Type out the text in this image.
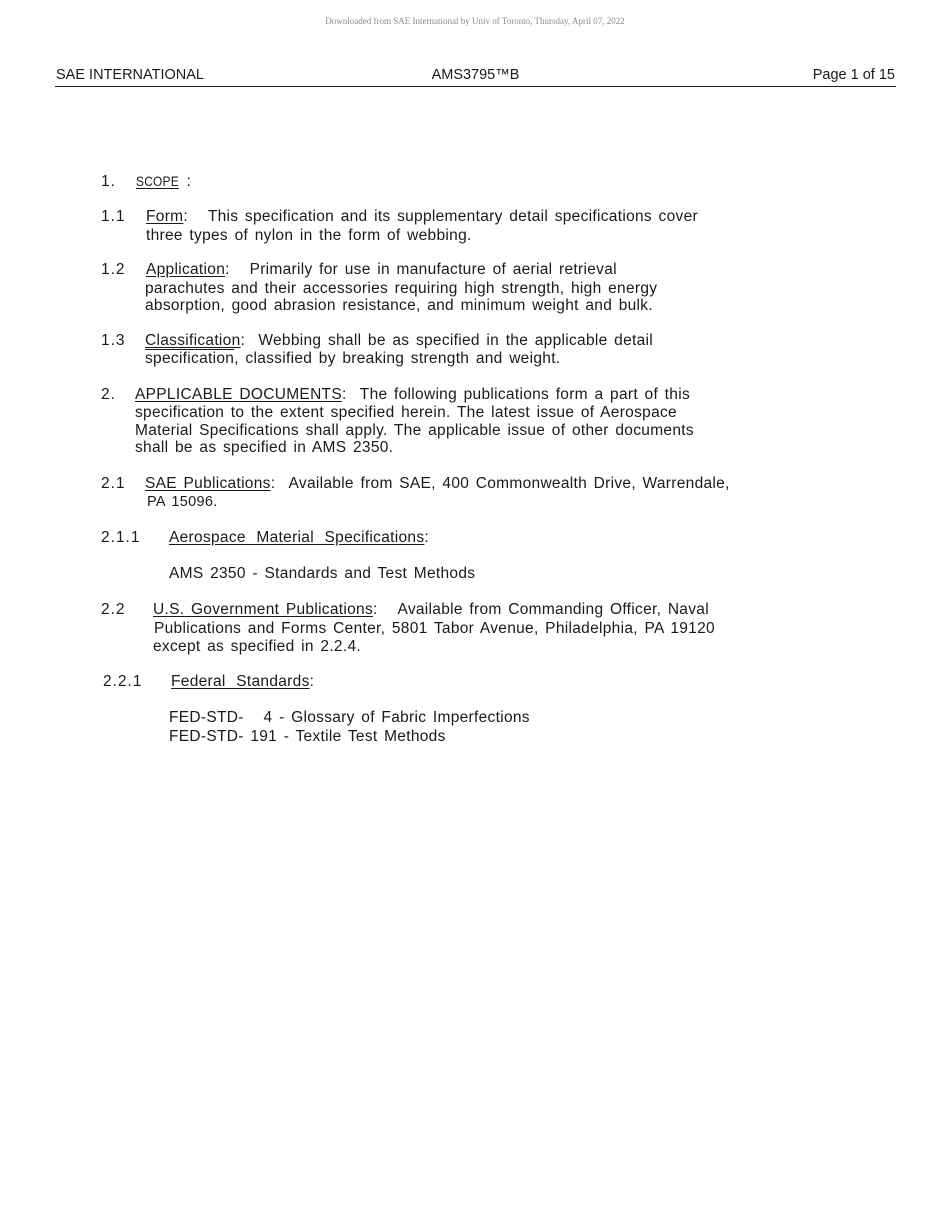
Downloaded from SAE International by Univ of Toronto, Thursday, April 07, 2022
SAE INTERNATIONAL	AMS3795™B	Page 1 of 15
1. SCOPE :
1.1 Form: This specification and its supplementary detail specifications cover
three types of nylon in the form of webbing.
1.2 Application: Primarily for use in manufacture of aerial retrieval
parachutes and their accessories requiring high strength, high energy
absorption, good abrasion resistance, and minimum weight and bulk.
1.3 Classification: Webbing shall be as specified in the applicable detail
specification, classified by breaking strength and weight.
2. APPLICABLE DOCUMENTS: The following publications form a part of this
specification to the extent specified herein. The latest issue of Aerospace
Material Specifications shall apply. The applicable issue of other documents
shall be as specified in AMS 2350.
2.1 SAE Publications: Available from SAE, 400 Commonwealth Drive, Warrendale,
PA 15096.
2.1.1 Aerospace Material Specifications:
AMS 2350 - Standards and Test Methods
2.2 U.S. Government Publications: Available from Commanding Officer, Naval
Publications and Forms Center, 5801 Tabor Avenue, Philadelphia, PA 19120
except as specified in 2.2.4.
2.2.1 Federal Standards:
FED-STD-   4 - Glossary of Fabric Imperfections
FED-STD- 191 - Textile Test Methods
